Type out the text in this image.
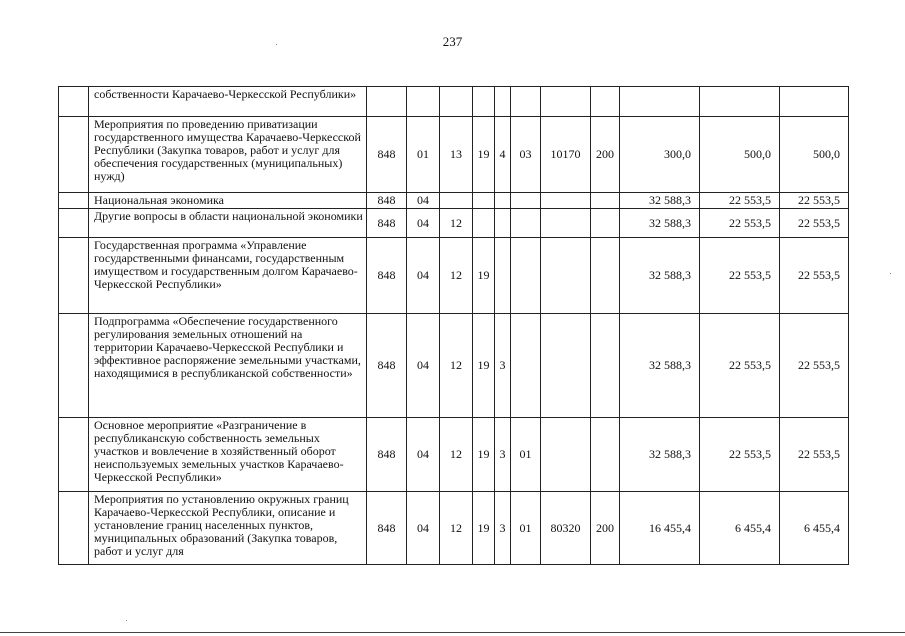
237
	собственности Карачаево-Черкесской Республики»											
	Мероприятия по проведению приватизации государственного имущества Карачаево-Черкесской Республики (Закупка товаров, работ и услуг для обеспечения государственных (муниципальных) нужд)	848	01	13	19	4	03	10170	200	300,0	500,0	500,0
	Национальная экономика	848	04							32 588,3	22 553,5	22 553,5
	Другие вопросы в области национальной экономики	848	04	12						32 588,3	22 553,5	22 553,5
	Государственная программа «Управление государственными финансами, государственным имуществом и государственным долгом Карачаево-Черкесской Республики»	848	04	12	19					32 588,3	22 553,5	22 553,5
	Подпрограмма «Обеспечение государственного регулирования земельных отношений на территории Карачаево-Черкесской Республики и эффективное распоряжение земельными участками, находящимися в республиканской собственности»	848	04	12	19	3				32 588,3	22 553,5	22 553,5
	Основное мероприятие «Разграничение в республиканскую собственность земельных участков и вовлечение в хозяйственный оборот неиспользуемых земельных участков Карачаево-Черкесской Республики»	848	04	12	19	3	01			32 588,3	22 553,5	22 553,5
	Мероприятия по установлению окружных границ Карачаево-Черкесской Республики, описание и установление границ населенных пунктов, муниципальных образований (Закупка товаров, работ и услуг для	848	04	12	19	3	01	80320	200	16 455,4	6 455,4	6 455,4
